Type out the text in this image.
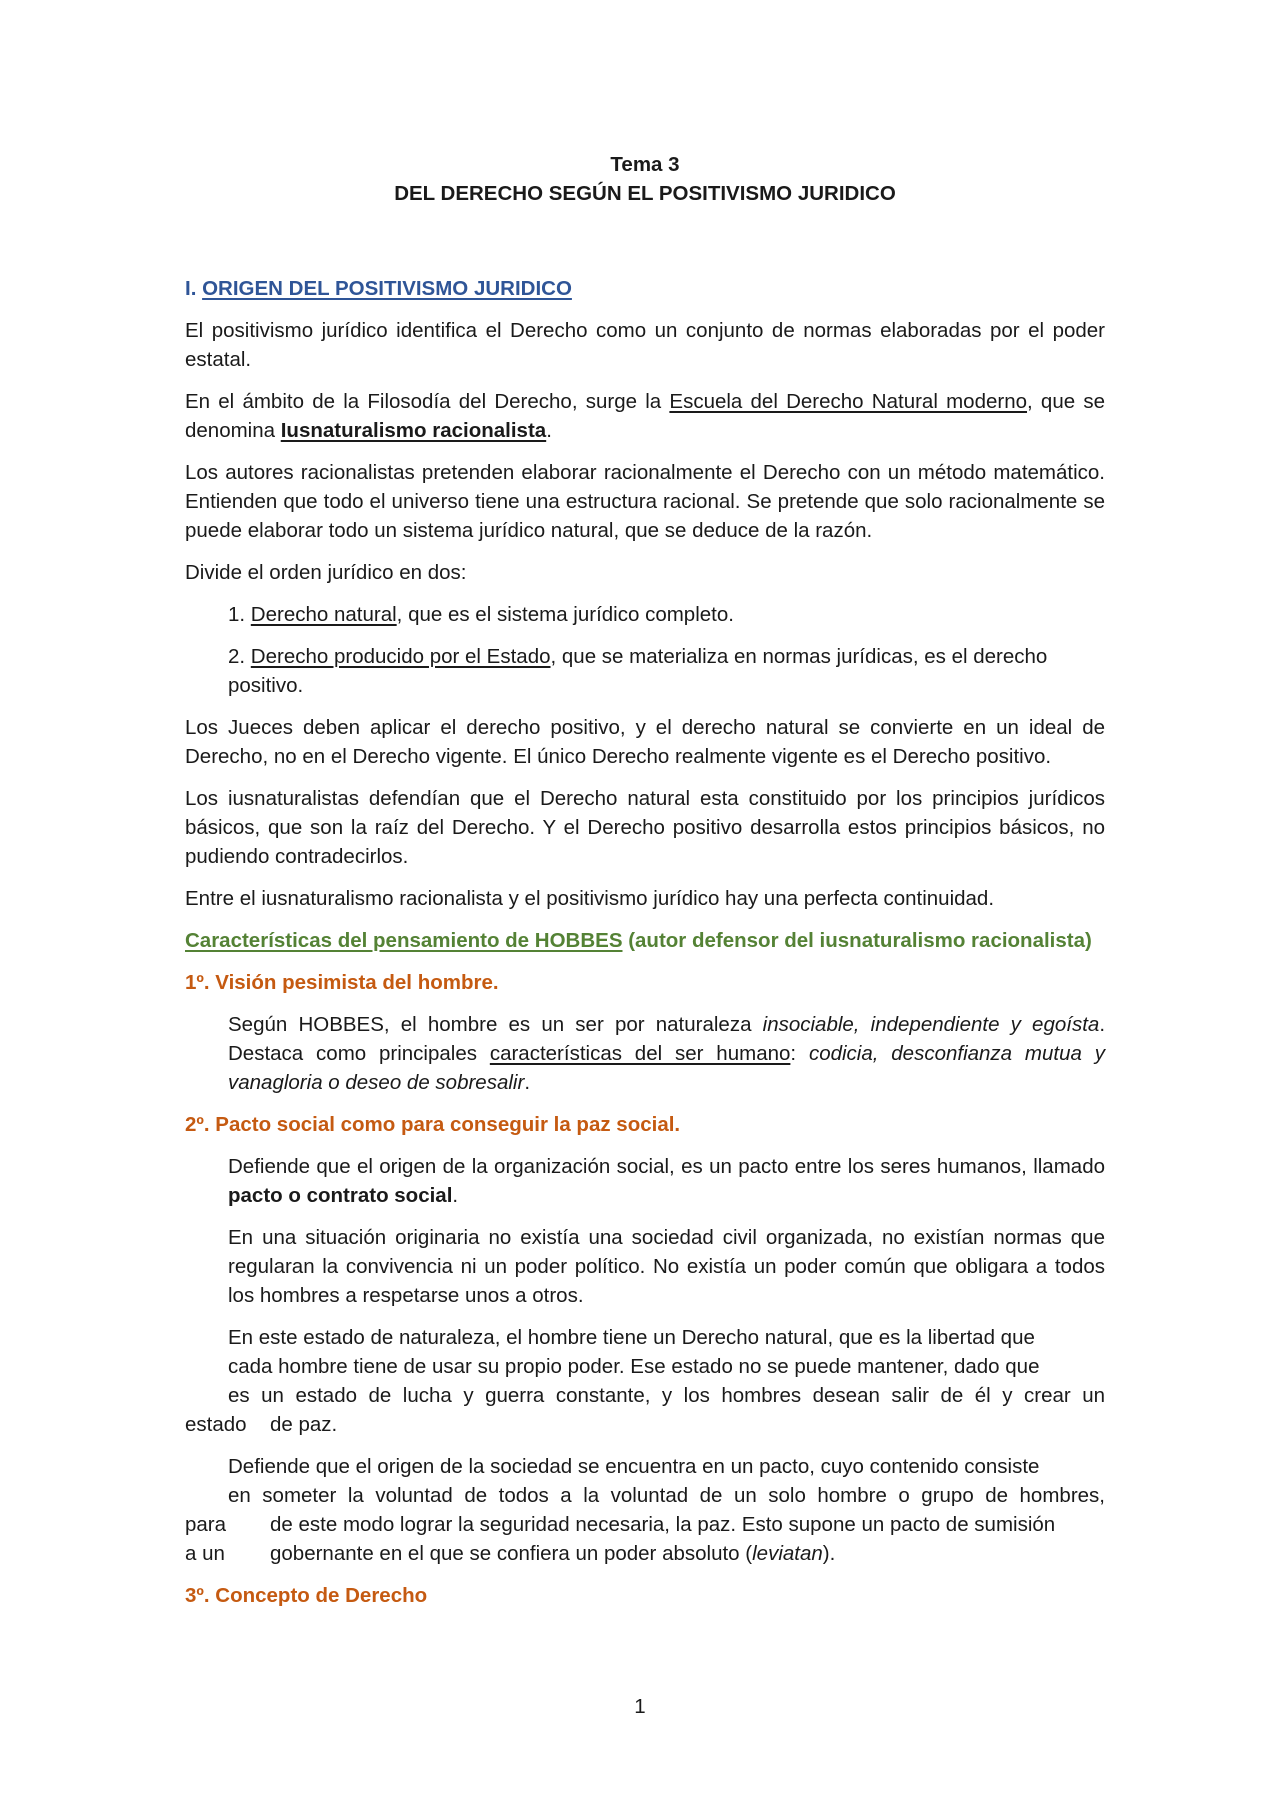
Tema 3

DEL DERECHO SEGÚN EL POSITIVISMO JURIDICO

I. ORIGEN DEL POSITIVISMO JURIDICO

El positivismo jurídico identifica el Derecho como un conjunto de normas elaboradas por el poder estatal.

En el ámbito de la Filosodía del Derecho, surge la Escuela del Derecho Natural moderno, que se denomina Iusnaturalismo racionalista.

Los autores racionalistas pretenden elaborar racionalmente el Derecho con un método matemático. Entienden que todo el universo tiene una estructura racional. Se pretende que solo racionalmente se puede elaborar todo un sistema jurídico natural, que se deduce de la razón.

Divide el orden jurídico en dos:

1. Derecho natural, que es el sistema jurídico completo.

2. Derecho producido por el Estado, que se materializa en normas jurídicas, es el derecho positivo.

Los Jueces deben aplicar el derecho positivo, y el derecho natural se convierte en un ideal de Derecho, no en el Derecho vigente. El único Derecho realmente vigente es el Derecho positivo.

Los iusnaturalistas defendían que el Derecho natural esta constituido por los principios jurídicos básicos, que son la raíz del Derecho. Y el Derecho positivo desarrolla estos principios básicos, no pudiendo contradecirlos.

Entre el iusnaturalismo racionalista y el positivismo jurídico hay una perfecta continuidad.

Características del pensamiento de HOBBES (autor defensor del iusnaturalismo racionalista)

1º. Visión pesimista del hombre.

Según HOBBES, el hombre es un ser por naturaleza insociable, independiente y egoísta. Destaca como principales características del ser humano: codicia, desconfianza mutua y vanagloria o deseo de sobresalir.

2º. Pacto social como para conseguir la paz social.

Defiende que el origen de la organización social, es un pacto entre los seres humanos, llamado pacto o contrato social.

En una situación originaria no existía una sociedad civil organizada, no existían normas que regularan la convivencia ni un poder político. No existía un poder común que obligara a todos los hombres a respetarse unos a otros.

En este estado de naturaleza, el hombre tiene un Derecho natural, que es la libertad que
cada hombre tiene de usar su propio poder. Ese estado no se puede mantener, dado que
es un estado de lucha y guerra constante, y los hombres desean salir de él y crear un
estado	de paz.
Defiende que el origen de la sociedad se encuentra en un pacto, cuyo contenido consiste
en someter la voluntad de todos a la voluntad de un solo hombre o grupo de hombres,
para	de este modo lograr la seguridad necesaria, la paz. Esto supone un pacto de sumisión
a un	gobernante en el que se confiera un poder absoluto (leviatan).

3º. Concepto de Derecho

1
